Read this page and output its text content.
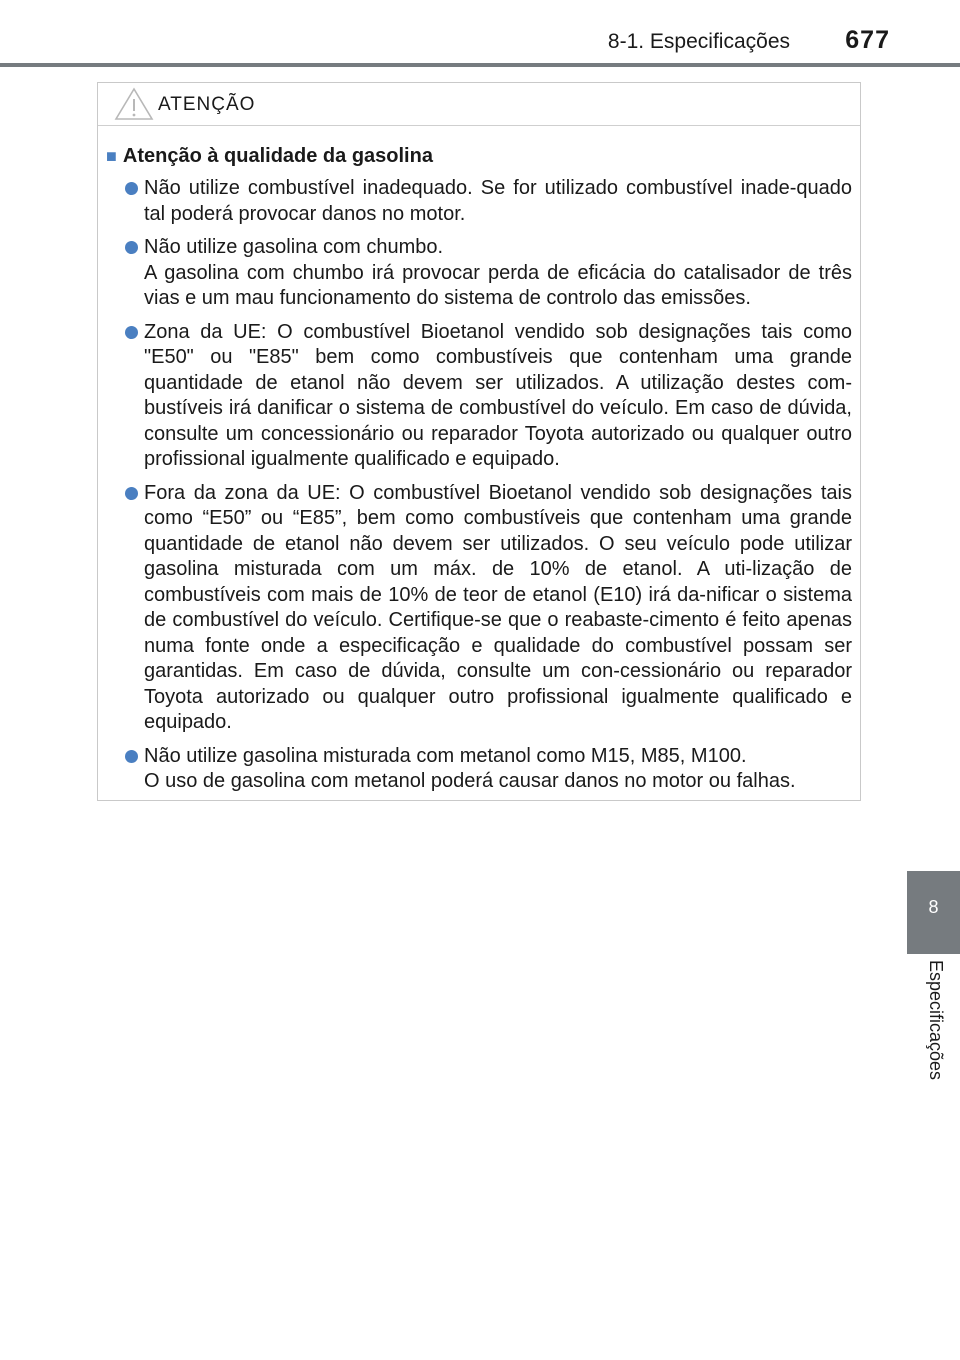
8-1. Especificações 677
ATENÇÃO
■ Atenção à qualidade da gasolina
Não utilize combustível inadequado. Se for utilizado combustível inade-quado tal poderá provocar danos no motor.
Não utilize gasolina com chumbo.
A gasolina com chumbo irá provocar perda de eficácia do catalisador de três vias e um mau funcionamento do sistema de controlo das emissões.
Zona da UE: O combustível Bioetanol vendido sob designações tais como "E50" ou "E85" bem como combustíveis que contenham uma grande quantidade de etanol não devem ser utilizados. A utilização destes com-bustíveis irá danificar o sistema de combustível do veículo. Em caso de dúvida, consulte um concessionário ou reparador Toyota autorizado ou qualquer outro profissional igualmente qualificado e equipado.
Fora da zona da UE: O combustível Bioetanol vendido sob designações tais como “E50” ou “E85”, bem como combustíveis que contenham uma grande quantidade de etanol não devem ser utilizados. O seu veículo pode utilizar gasolina misturada com um máx. de 10% de etanol. A uti-lização de combustíveis com mais de 10% de teor de etanol (E10) irá da-nificar o sistema de combustível do veículo. Certifique-se que o reabaste-cimento é feito apenas numa fonte onde a especificação e qualidade do combustível possam ser garantidas. Em caso de dúvida, consulte um con-cessionário ou reparador Toyota autorizado ou qualquer outro profissional igualmente qualificado e equipado.
Não utilize gasolina misturada com metanol como M15, M85, M100.
O uso de gasolina com metanol poderá causar danos no motor ou falhas.
8
Especificações
